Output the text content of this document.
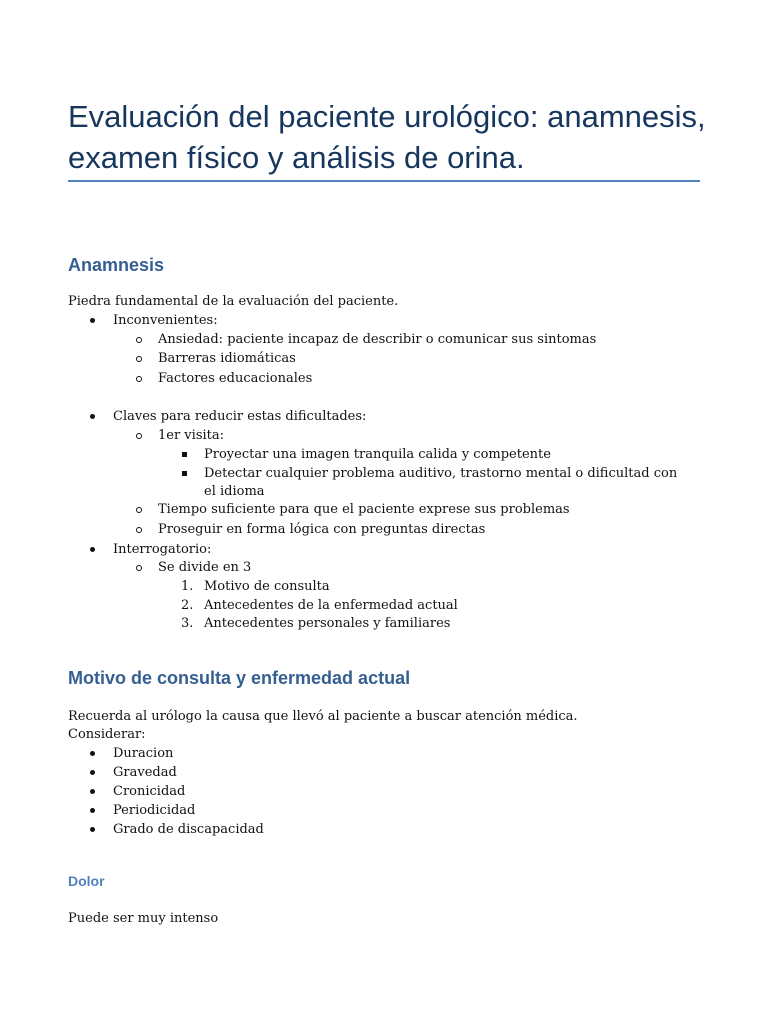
Evaluación del paciente urológico: anamnesis, examen físico y análisis de orina.
Anamnesis

Piedra fundamental de la evaluación del paciente.

Inconvenientes:

Ansiedad: paciente incapaz de describir o comunicar sus sintomas

Barreras idiomáticas

Factores educacionales

Claves para reducir estas dificultades:

1er visita:

Proyectar una imagen tranquila calida y competente

Detectar cualquier problema auditivo, trastorno mental o dificultad con el idioma

Tiempo suficiente para que el paciente exprese sus problemas

Proseguir en forma lógica con preguntas directas

Interrogatorio:

Se divide en 3

1. Motivo de consulta

2. Antecedentes de la enfermedad actual

3. Antecedentes personales y familiares

Motivo de consulta y enfermedad actual

Recuerda al urólogo la causa que llevó al paciente a buscar atención médica.

Considerar:

Duracion

Gravedad

Cronicidad

Periodicidad

Grado de discapacidad

Dolor

Puede ser muy intenso
